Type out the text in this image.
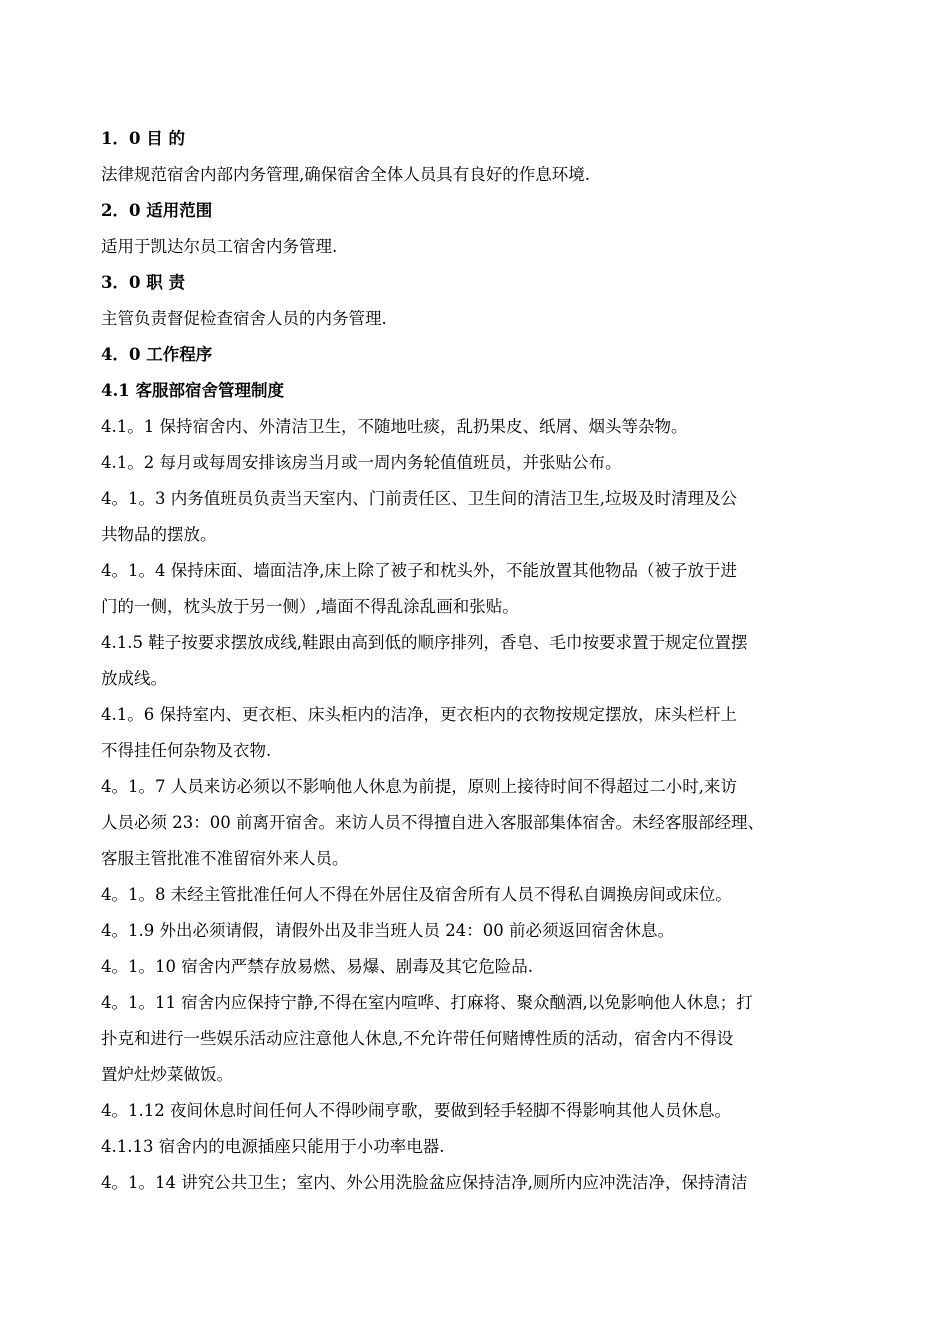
1．0 目 的
法律规范宿舍内部内务管理,确保宿舍全体人员具有良好的作息环境.
2．0 适用范围
适用于凯达尔员工宿舍内务管理.
3．0 职 责
主管负责督促检查宿舍人员的内务管理.
4．0 工作程序
4.1 客服部宿舍管理制度
4.1。1 保持宿舍内、外清洁卫生，不随地吐痰，乱扔果皮、纸屑、烟头等杂物。
4.1。2 每月或每周安排该房当月或一周内务轮值值班员，并张贴公布。
4。1。3 内务值班员负责当天室内、门前责任区、卫生间的清洁卫生,垃圾及时清理及公
共物品的摆放。
4。1。4 保持床面、墙面洁净,床上除了被子和枕头外，不能放置其他物品（被子放于进
门的一侧，枕头放于另一侧）,墙面不得乱涂乱画和张贴。
4.1.5 鞋子按要求摆放成线,鞋跟由高到低的顺序排列，香皂、毛巾按要求置于规定位置摆
放成线。
4.1。6 保持室内、更衣柜、床头柜内的洁净，更衣柜内的衣物按规定摆放，床头栏杆上
不得挂任何杂物及衣物.
4。1。7 人员来访必须以不影响他人休息为前提，原则上接待时间不得超过二小时,来访
人员必须 23：00 前离开宿舍。来访人员不得擅自进入客服部集体宿舍。未经客服部经理、
客服主管批准不准留宿外来人员。
4。1。8 未经主管批准任何人不得在外居住及宿舍所有人员不得私自调换房间或床位。
4。1.9 外出必须请假，请假外出及非当班人员 24：00 前必须返回宿舍休息。
4。1。10 宿舍内严禁存放易燃、易爆、剧毒及其它危险品.
4。1。11 宿舍内应保持宁静,不得在室内喧哗、打麻将、聚众酗酒,以免影响他人休息；打
扑克和进行一些娱乐活动应注意他人休息,不允许带任何赌博性质的活动，宿舍内不得设
置炉灶炒菜做饭。
4。1.12 夜间休息时间任何人不得吵闹亨歌，要做到轻手轻脚不得影响其他人员休息。
4.1.13 宿舍内的电源插座只能用于小功率电器.
4。1。14 讲究公共卫生；室内、外公用洗脸盆应保持洁净,厕所内应冲洗洁净，保持清洁
